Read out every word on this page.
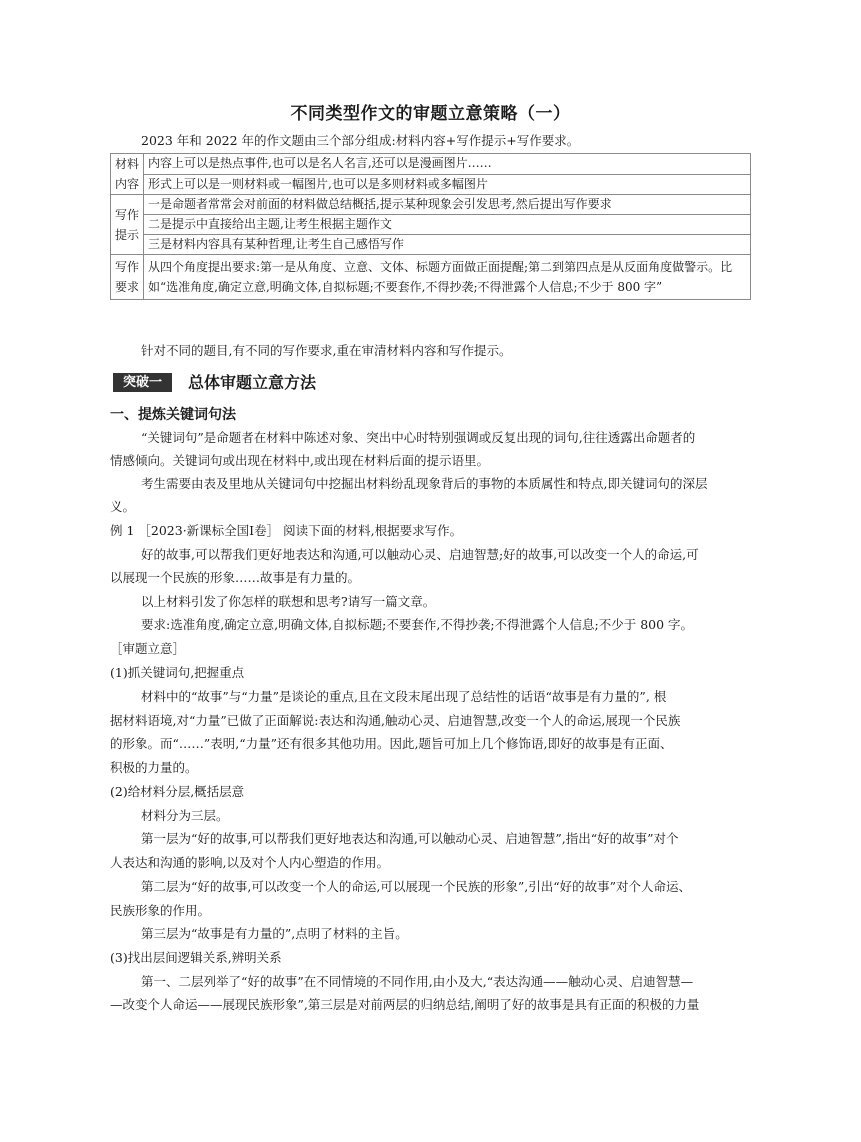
不同类型作文的审题立意策略（一）
2023 年和 2022 年的作文题由三个部分组成:材料内容+写作提示+写作要求。
材料
内容	内容上可以是热点事件,也可以是名人名言,还可以是漫画图片……
	形式上可以是一则材料或一幅图片,也可以是多则材料或多幅图片
写作
提示	一是命题者常常会对前面的材料做总结概括,提示某种现象会引发思考,然后提出写作要求
	二是提示中直接给出主题,让考生根据主题作文
	三是材料内容具有某种哲理,让考生自己感悟写作
写作
要求	从四个角度提出要求:第一是从角度、立意、文体、标题方面做正面提醒;第二到第四点是从反面角度做警示。比如“选准角度,确定立意,明确文体,自拟标题;不要套作,不得抄袭;不得泄露个人信息;不少于 800 字”
针对不同的题目,有不同的写作要求,重在审清材料内容和写作提示。
突破一	总体审题立意方法
一、提炼关键词句法
“关键词句”是命题者在材料中陈述对象、突出中心时特别强调或反复出现的词句,往往透露出命题者的
情感倾向。关键词句或出现在材料中,或出现在材料后面的提示语里。
考生需要由表及里地从关键词句中挖掘出材料纷乱现象背后的事物的本质属性和特点,即关键词句的深层
义。
例 1 ［2023·新课标全国Ⅰ卷］ 阅读下面的材料,根据要求写作。
好的故事,可以帮我们更好地表达和沟通,可以触动心灵、启迪智慧;好的故事,可以改变一个人的命运,可
以展现一个民族的形象……故事是有力量的。
以上材料引发了你怎样的联想和思考?请写一篇文章。
要求:选准角度,确定立意,明确文体,自拟标题;不要套作,不得抄袭;不得泄露个人信息;不少于 800 字。
［审题立意］
(1)抓关键词句,把握重点
材料中的“故事”与“力量”是谈论的重点,且在文段末尾出现了总结性的话语“故事是有力量的”, 根
据材料语境,对“力量”已做了正面解说:表达和沟通,触动心灵、启迪智慧,改变一个人的命运,展现一个民族
的形象。而“……”表明,“力量”还有很多其他功用。因此,题旨可加上几个修饰语,即好的故事是有正面、
积极的力量的。
(2)给材料分层,概括层意
材料分为三层。
第一层为“好的故事,可以帮我们更好地表达和沟通,可以触动心灵、启迪智慧”,指出“好的故事”对个
人表达和沟通的影响,以及对个人内心塑造的作用。
第二层为“好的故事,可以改变一个人的命运,可以展现一个民族的形象”,引出“好的故事”对个人命运、
民族形象的作用。
第三层为“故事是有力量的”,点明了材料的主旨。
(3)找出层间逻辑关系,辨明关系
第一、二层列举了“好的故事”在不同情境的不同作用,由小及大,“表达沟通——触动心灵、启迪智慧—
—改变个人命运——展现民族形象”,第三层是对前两层的归纳总结,阐明了好的故事是具有正面的积极的力量
